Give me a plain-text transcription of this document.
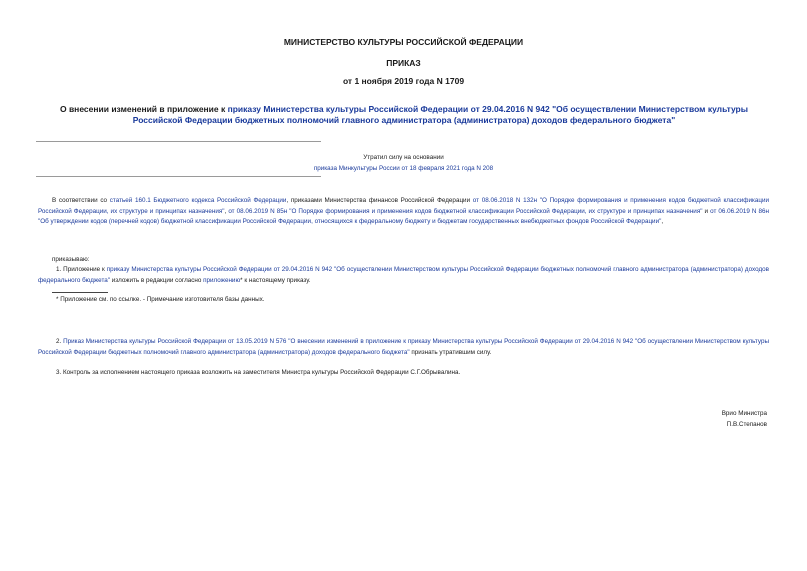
МИНИСТЕРСТВО КУЛЬТУРЫ РОССИЙСКОЙ ФЕДЕРАЦИИ
ПРИКАЗ
от 1 ноября 2019 года N 1709
О внесении изменений в приложение к приказу Министерства культуры Российской Федерации от 29.04.2016 N 942 "Об осуществлении Министерством культуры Российской Федерации бюджетных полномочий главного администратора (администратора) доходов федерального бюджета"
Утратил силу на основании
приказа Минкультуры России от 18 февраля 2021 года N 208
В соответствии со статьей 160.1 Бюджетного кодекса Российской Федерации, приказами Министерства финансов Российской Федерации от 08.06.2018 N 132н "О Порядке формирования и применения кодов бюджетной классификации Российской Федерации, их структуре и принципах назначения", от 08.06.2019 N 85н "О Порядке формирования и применения кодов бюджетной классификации Российской Федерации, их структуре и принципах назначения" и от 06.06.2019 N 86н "Об утверждении кодов (перечней кодов) бюджетной классификации Российской Федерации, относящихся к федеральному бюджету и бюджетам государственных внебюджетных фондов Российской Федерации",
приказываю:
1. Приложение к приказу Министерства культуры Российской Федерации от 29.04.2016 N 942 "Об осуществлении Министерством культуры Российской Федерации бюджетных полномочий главного администратора (администратора) доходов федерального бюджета" изложить в редакции согласно приложению* к настоящему приказу.
* Приложение см. по ссылке. - Примечание изготовителя базы данных.
2. Приказ Министерства культуры Российской Федерации от 13.05.2019 N 576 "О внесении изменений в приложение к приказу Министерства культуры Российской Федерации от 29.04.2016 N 942 "Об осуществлении Министерством культуры Российской Федерации бюджетных полномочий главного администратора (администратора) доходов федерального бюджета" признать утратившим силу.
3. Контроль за исполнением настоящего приказа возложить на заместителя Министра культуры Российской Федерации С.Г.Обрывалина.
Врио Министра
П.В.Степанов
